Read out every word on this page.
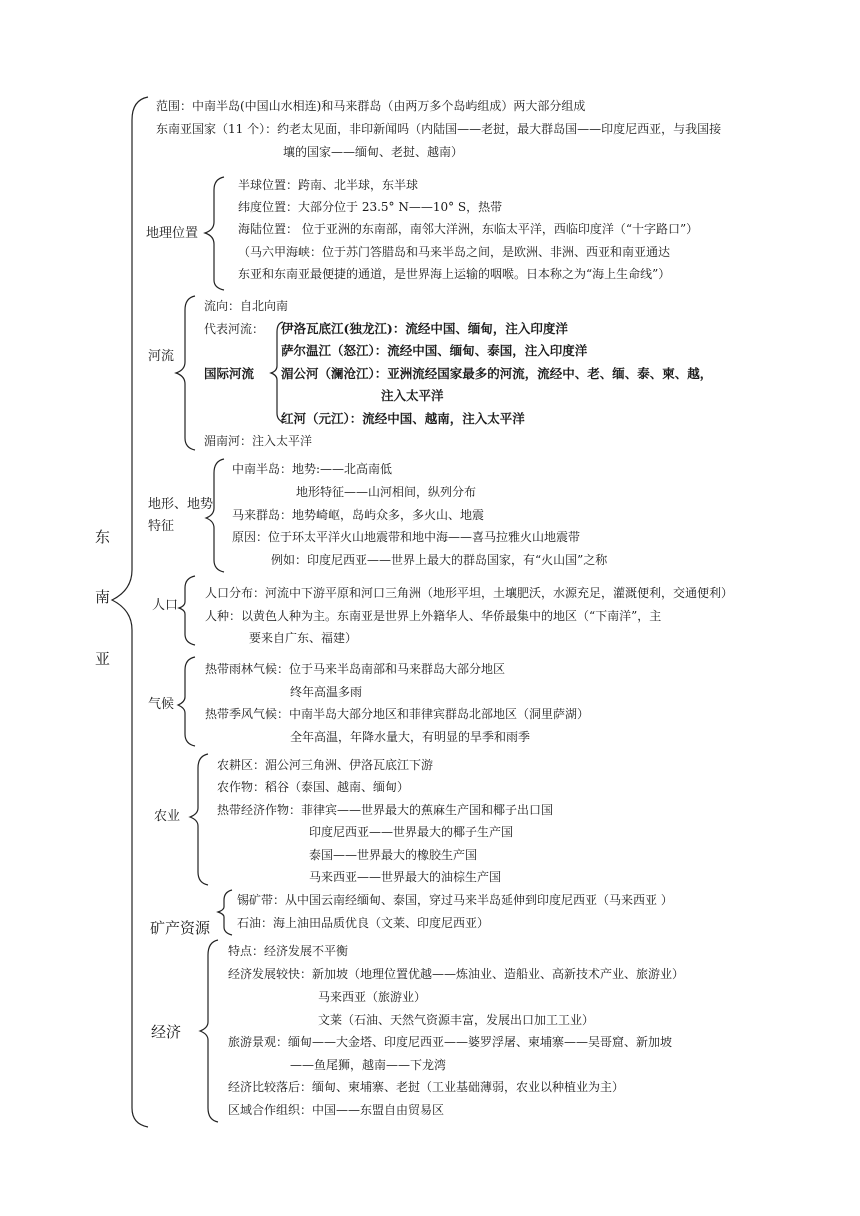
东
南
亚
范围：中南半岛(中国山水相连)和马来群岛（由两万多个岛屿组成）两大部分组成
东南亚国家（11 个）：约老太见面，非印新闻吗（内陆国——老挝，最大群岛国——印度尼西亚，与我国接
壤的国家——缅甸、老挝、越南）
地理位置
半球位置：跨南、北半球，东半球
纬度位置：大部分位于 23.5° N——10° S，热带
海陆位置： 位于亚洲的东南部，南邻大洋洲，东临太平洋，西临印度洋（“十字路口”）
（马六甲海峡：位于苏门答腊岛和马来半岛之间，是欧洲、非洲、西亚和南亚通达
东亚和东南亚最便捷的通道，是世界海上运输的咽喉。日本称之为“海上生命线”）
河流
流向：自北向南
代表河流：
国际河流
伊洛瓦底江(独龙江)：流经中国、缅甸，注入印度洋
萨尔温江（怒江）：流经中国、缅甸、泰国，注入印度洋
湄公河（澜沧江）：亚洲流经国家最多的河流，流经中、老、缅、泰、柬、越，
注入太平洋
红河（元江）：流经中国、越南，注入太平洋
湄南河：注入太平洋
地形、地势
特征
中南半岛：地势:——北高南低
地形特征——山河相间，纵列分布
马来群岛：地势崎岖，岛屿众多，多火山、地震
原因：位于环太平洋火山地震带和地中海——喜马拉雅火山地震带
例如：印度尼西亚——世界上最大的群岛国家，有“火山国”之称
人口
人口分布：河流中下游平原和河口三角洲（地形平坦，土壤肥沃，水源充足，灌溉便利，交通便利）
人种：以黄色人种为主。东南亚是世界上外籍华人、华侨最集中的地区（“下南洋”，主
要来自广东、福建）
气候
热带雨林气候：位于马来半岛南部和马来群岛大部分地区
终年高温多雨
热带季风气候：中南半岛大部分地区和菲律宾群岛北部地区（洞里萨湖）
全年高温，年降水量大，有明显的旱季和雨季
农业
农耕区：湄公河三角洲、伊洛瓦底江下游
农作物：稻谷（泰国、越南、缅甸）
热带经济作物：菲律宾——世界最大的蕉麻生产国和椰子出口国
印度尼西亚——世界最大的椰子生产国
泰国——世界最大的橡胶生产国
马来西亚——世界最大的油棕生产国
矿产资源
锡矿带：从中国云南经缅甸、泰国，穿过马来半岛延伸到印度尼西亚（马来西亚 ）
石油：海上油田品质优良（文莱、印度尼西亚）
经济
特点：经济发展不平衡
经济发展较快：新加坡（地理位置优越——炼油业、造船业、高新技术产业、旅游业）
马来西亚（旅游业）
文莱（石油、天然气资源丰富，发展出口加工工业）
旅游景观：缅甸——大金塔、印度尼西亚——婆罗浮屠、柬埔寨——吴哥窟、新加坡
——鱼尾狮，越南——下龙湾
经济比较落后：缅甸、柬埔寨、老挝（工业基础薄弱，农业以种植业为主）
区域合作组织：中国——东盟自由贸易区
